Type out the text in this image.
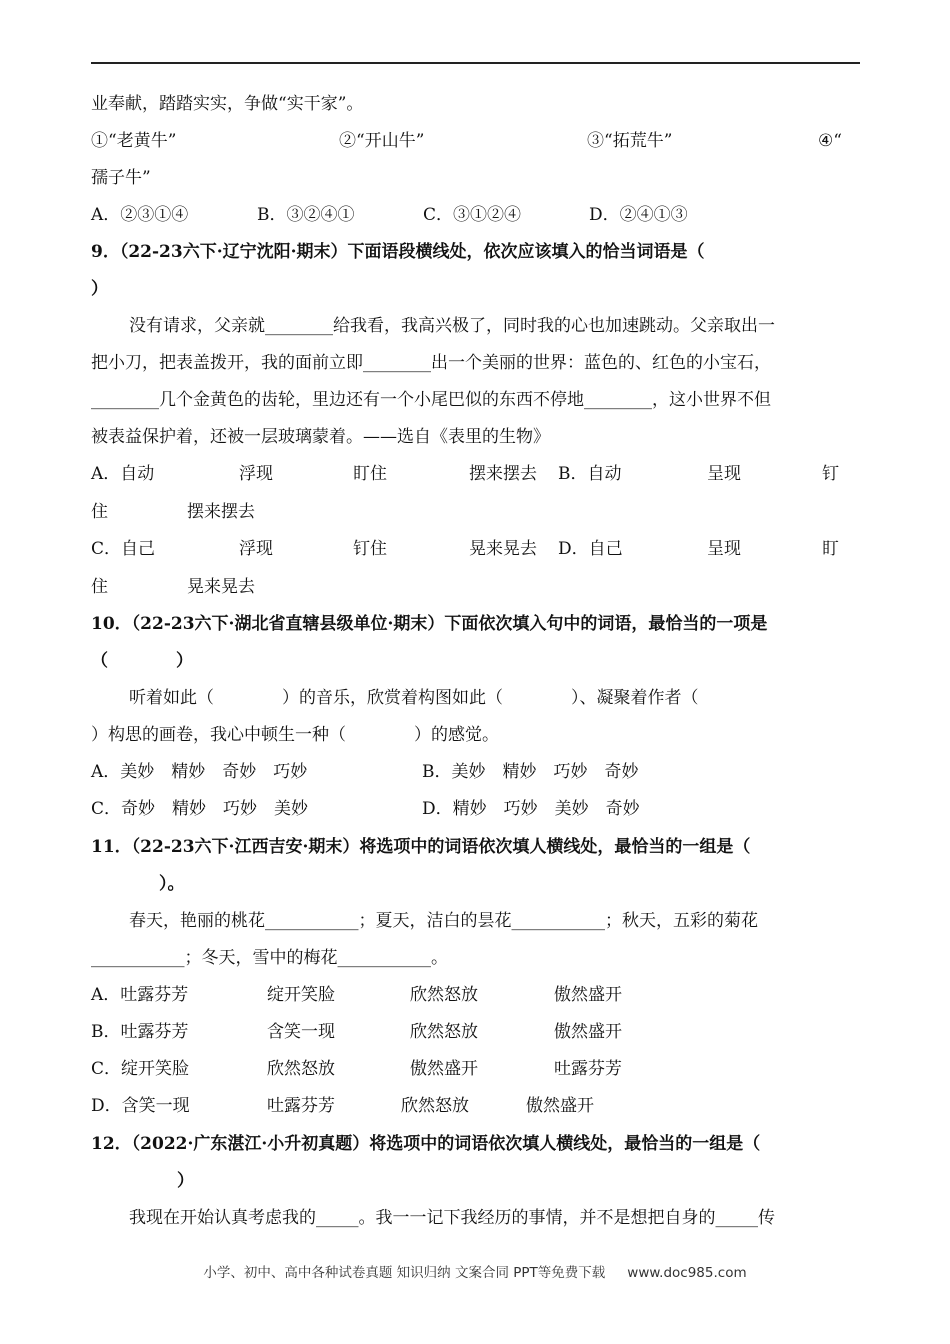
业奉献，踏踏实实，争做“实干家”。
①“老黄牛”	②“开山牛”	③“拓荒牛”	④“
孺子牛”
A．②③①④	B．③②④①	C．③①②④	D．②④①③
9．（22-23六下·辽宁沈阳·期末）下面语段横线处，依次应该填入的恰当词语是（
）
没有请求，父亲就________给我看，我高兴极了，同时我的心也加速跳动。父亲取出一
把小刀，把表盖拨开，我的面前立即________出一个美丽的世界：蓝色的、红色的小宝石，
________几个金黄色的齿轮，里边还有一个小尾巴似的东西不停地________，这小世界不但
被表益保护着，还被一层玻璃蒙着。——选自《表里的生物》
A．自动	浮现	盯住	摆来摆去 B．自动	呈现	钉
住	摆来摆去
C．自己	浮现	钉住	晃来晃去 D．自己	呈现	盯
住	晃来晃去
10．（22-23六下·湖北省直辖县级单位·期末）下面依次填入句中的词语，最恰当的一项是
（　　　　）
听着如此（　　　　）的音乐，欣赏着构图如此（　　　　）、凝聚着作者（
）构思的画卷，我心中顿生一种（　　　　）的感觉。
A．美妙　精妙　奇妙　巧妙	B．美妙　精妙　巧妙　奇妙
C．奇妙　精妙　巧妙　美妙	D．精妙　巧妙　美妙　奇妙
11．（22-23六下·江西吉安·期末）将选项中的词语依次填人横线处，最恰当的一组是（
）。
春天，艳丽的桃花___________；夏天，洁白的昙花___________；秋天，五彩的菊花
___________；冬天，雪中的梅花___________。
A．吐露芬芳	绽开笑脸	欣然怒放	傲然盛开
B．吐露芬芳	含笑一现	欣然怒放	傲然盛开
C．绽开笑脸	欣然怒放	傲然盛开	吐露芬芳
D．含笑一现	吐露芬芳	欣然怒放	傲然盛开
12．（2022·广东湛江·小升初真题）将选项中的词语依次填人横线处，最恰当的一组是（
）
我现在开始认真考虑我的_____。我一一记下我经历的事情，并不是想把自身的_____传
小学、初中、高中各种试卷真题 知识归纳 文案合同 PPT等免费下载 www.doc985.com
